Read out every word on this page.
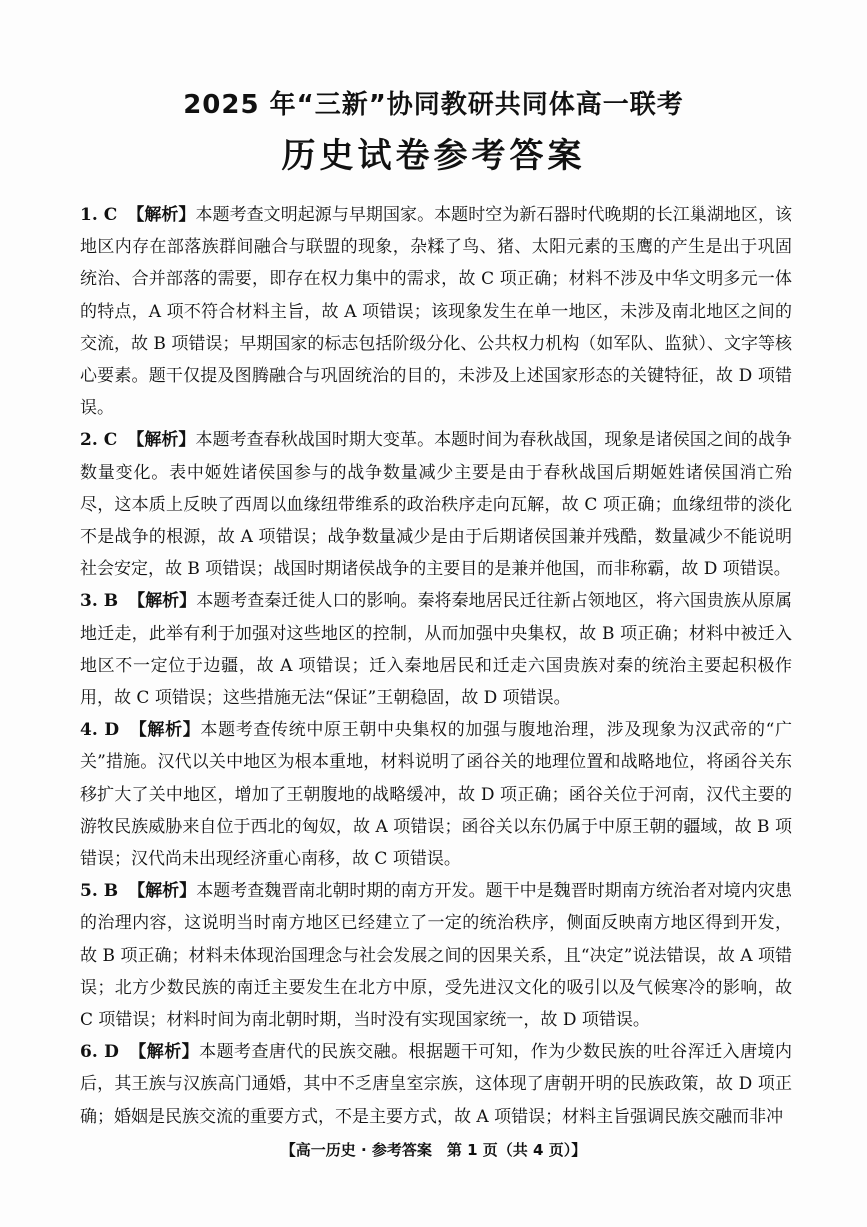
2025 年“三新”协同教研共同体高一联考
历史试卷参考答案

1. C 【解析】本题考查文明起源与早期国家。本题时空为新石器时代晚期的长江巢湖地区，该地区内存在部落族群间融合与联盟的现象，杂糅了鸟、猪、太阳元素的玉鹰的产生是出于巩固统治、合并部落的需要，即存在权力集中的需求，故 C 项正确；材料不涉及中华文明多元一体的特点，A 项不符合材料主旨，故 A 项错误；该现象发生在单一地区，未涉及南北地区之间的交流，故 B 项错误；早期国家的标志包括阶级分化、公共权力机构（如军队、监狱）、文字等核心要素。题干仅提及图腾融合与巩固统治的目的，未涉及上述国家形态的关键特征，故 D 项错误。

2. C 【解析】本题考查春秋战国时期大变革。本题时间为春秋战国，现象是诸侯国之间的战争数量变化。表中姬姓诸侯国参与的战争数量减少主要是由于春秋战国后期姬姓诸侯国消亡殆尽，这本质上反映了西周以血缘纽带维系的政治秩序走向瓦解，故 C 项正确；血缘纽带的淡化不是战争的根源，故 A 项错误；战争数量减少是由于后期诸侯国兼并残酷，数量减少不能说明社会安定，故 B 项错误；战国时期诸侯战争的主要目的是兼并他国，而非称霸，故 D 项错误。

3. B 【解析】本题考查秦迁徙人口的影响。秦将秦地居民迁往新占领地区，将六国贵族从原属地迁走，此举有利于加强对这些地区的控制，从而加强中央集权，故 B 项正确；材料中被迁入地区不一定位于边疆，故 A 项错误；迁入秦地居民和迁走六国贵族对秦的统治主要起积极作用，故 C 项错误；这些措施无法“保证”王朝稳固，故 D 项错误。

4. D 【解析】本题考查传统中原王朝中央集权的加强与腹地治理，涉及现象为汉武帝的“广关”措施。汉代以关中地区为根本重地，材料说明了函谷关的地理位置和战略地位，将函谷关东移扩大了关中地区，增加了王朝腹地的战略缓冲，故 D 项正确；函谷关位于河南，汉代主要的游牧民族威胁来自位于西北的匈奴，故 A 项错误；函谷关以东仍属于中原王朝的疆域，故 B 项错误；汉代尚未出现经济重心南移，故 C 项错误。

5. B 【解析】本题考查魏晋南北朝时期的南方开发。题干中是魏晋时期南方统治者对境内灾患的治理内容，这说明当时南方地区已经建立了一定的统治秩序，侧面反映南方地区得到开发，故 B 项正确；材料未体现治国理念与社会发展之间的因果关系，且“决定”说法错误，故 A 项错误；北方少数民族的南迁主要发生在北方中原，受先进汉文化的吸引以及气候寒冷的影响，故 C 项错误；材料时间为南北朝时期，当时没有实现国家统一，故 D 项错误。

6. D 【解析】本题考查唐代的民族交融。根据题干可知，作为少数民族的吐谷浑迁入唐境内后，其王族与汉族高门通婚，其中不乏唐皇室宗族，这体现了唐朝开明的民族政策，故 D 项正确；婚姻是民族交流的重要方式，不是主要方式，故 A 项错误；材料主旨强调民族交融而非冲

【高一历史 · 参考答案　第 1 页（共 4 页）】
